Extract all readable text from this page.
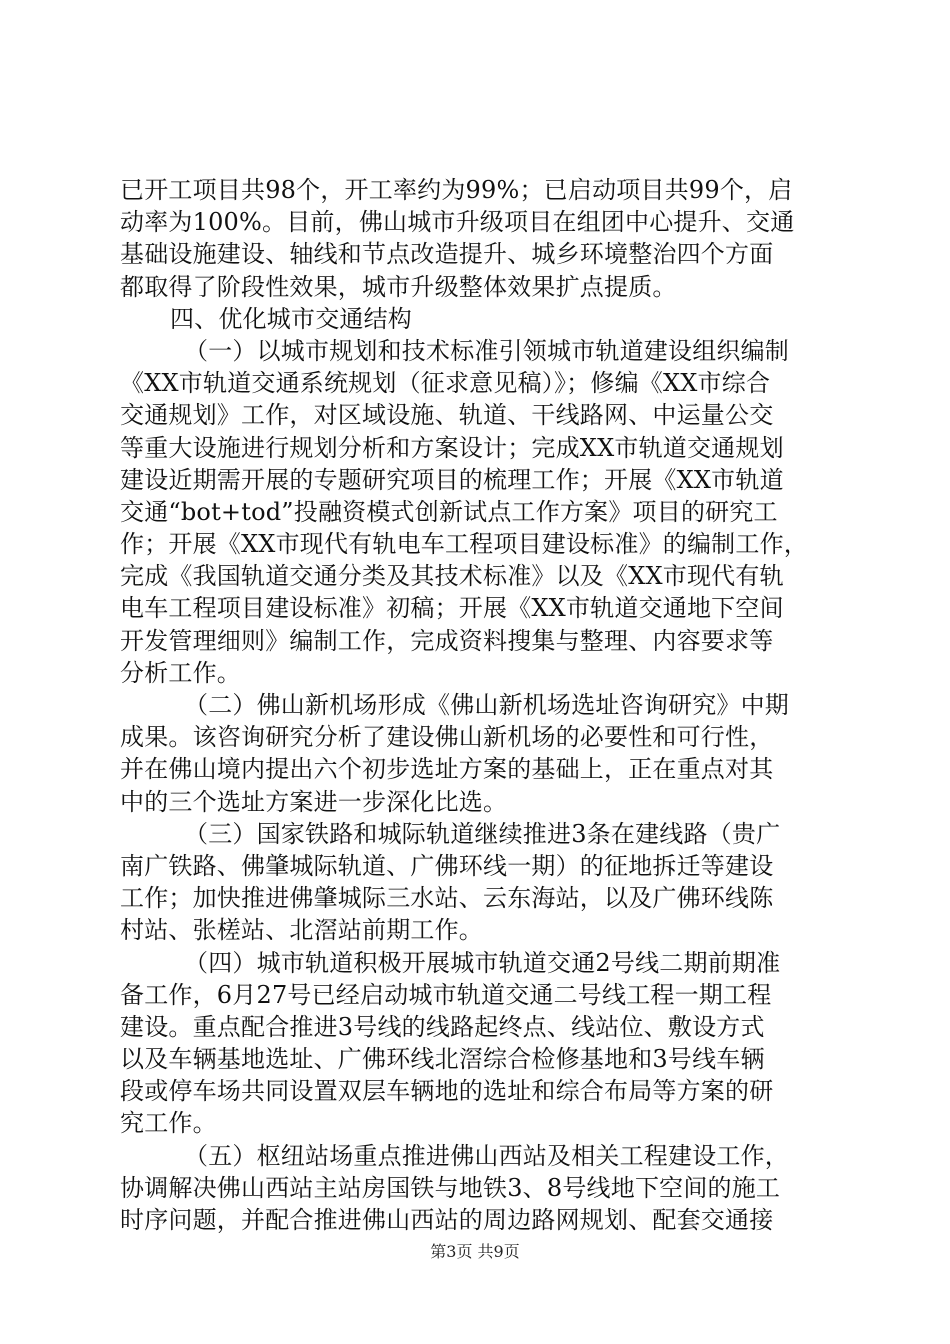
已开工项目共98个，开工率约为99%；已启动项目共99个，启
动率为100%。目前，佛山城市升级项目在组团中心提升、交通
基础设施建设、轴线和节点改造提升、城乡环境整治四个方面
都取得了阶段性效果，城市升级整体效果扩点提质。
四、优化城市交通结构
（一）以城市规划和技术标准引领城市轨道建设组织编制
《XX市轨道交通系统规划（征求意见稿）》；修编《XX市综合
交通规划》工作，对区域设施、轨道、干线路网、中运量公交
等重大设施进行规划分析和方案设计；完成XX市轨道交通规划
建设近期需开展的专题研究项目的梳理工作；开展《XX市轨道
交通“bot+tod”投融资模式创新试点工作方案》项目的研究工
作；开展《XX市现代有轨电车工程项目建设标准》的编制工作，
完成《我国轨道交通分类及其技术标准》以及《XX市现代有轨
电车工程项目建设标准》初稿；开展《XX市轨道交通地下空间
开发管理细则》编制工作，完成资料搜集与整理、内容要求等
分析工作。
（二）佛山新机场形成《佛山新机场选址咨询研究》中期
成果。该咨询研究分析了建设佛山新机场的必要性和可行性，
并在佛山境内提出六个初步选址方案的基础上，正在重点对其
中的三个选址方案进一步深化比选。
（三）国家铁路和城际轨道继续推进3条在建线路（贵广
南广铁路、佛肇城际轨道、广佛环线一期）的征地拆迁等建设
工作；加快推进佛肇城际三水站、云东海站，以及广佛环线陈
村站、张槎站、北滘站前期工作。
（四）城市轨道积极开展城市轨道交通2号线二期前期准
备工作，6月27号已经启动城市轨道交通二号线工程一期工程
建设。重点配合推进3号线的线路起终点、线站位、敷设方式
以及车辆基地选址、广佛环线北滘综合检修基地和3号线车辆
段或停车场共同设置双层车辆地的选址和综合布局等方案的研
究工作。
（五）枢纽站场重点推进佛山西站及相关工程建设工作，
协调解决佛山西站主站房国铁与地铁3、8号线地下空间的施工
时序问题，并配合推进佛山西站的周边路网规划、配套交通接
第3页 共9页
